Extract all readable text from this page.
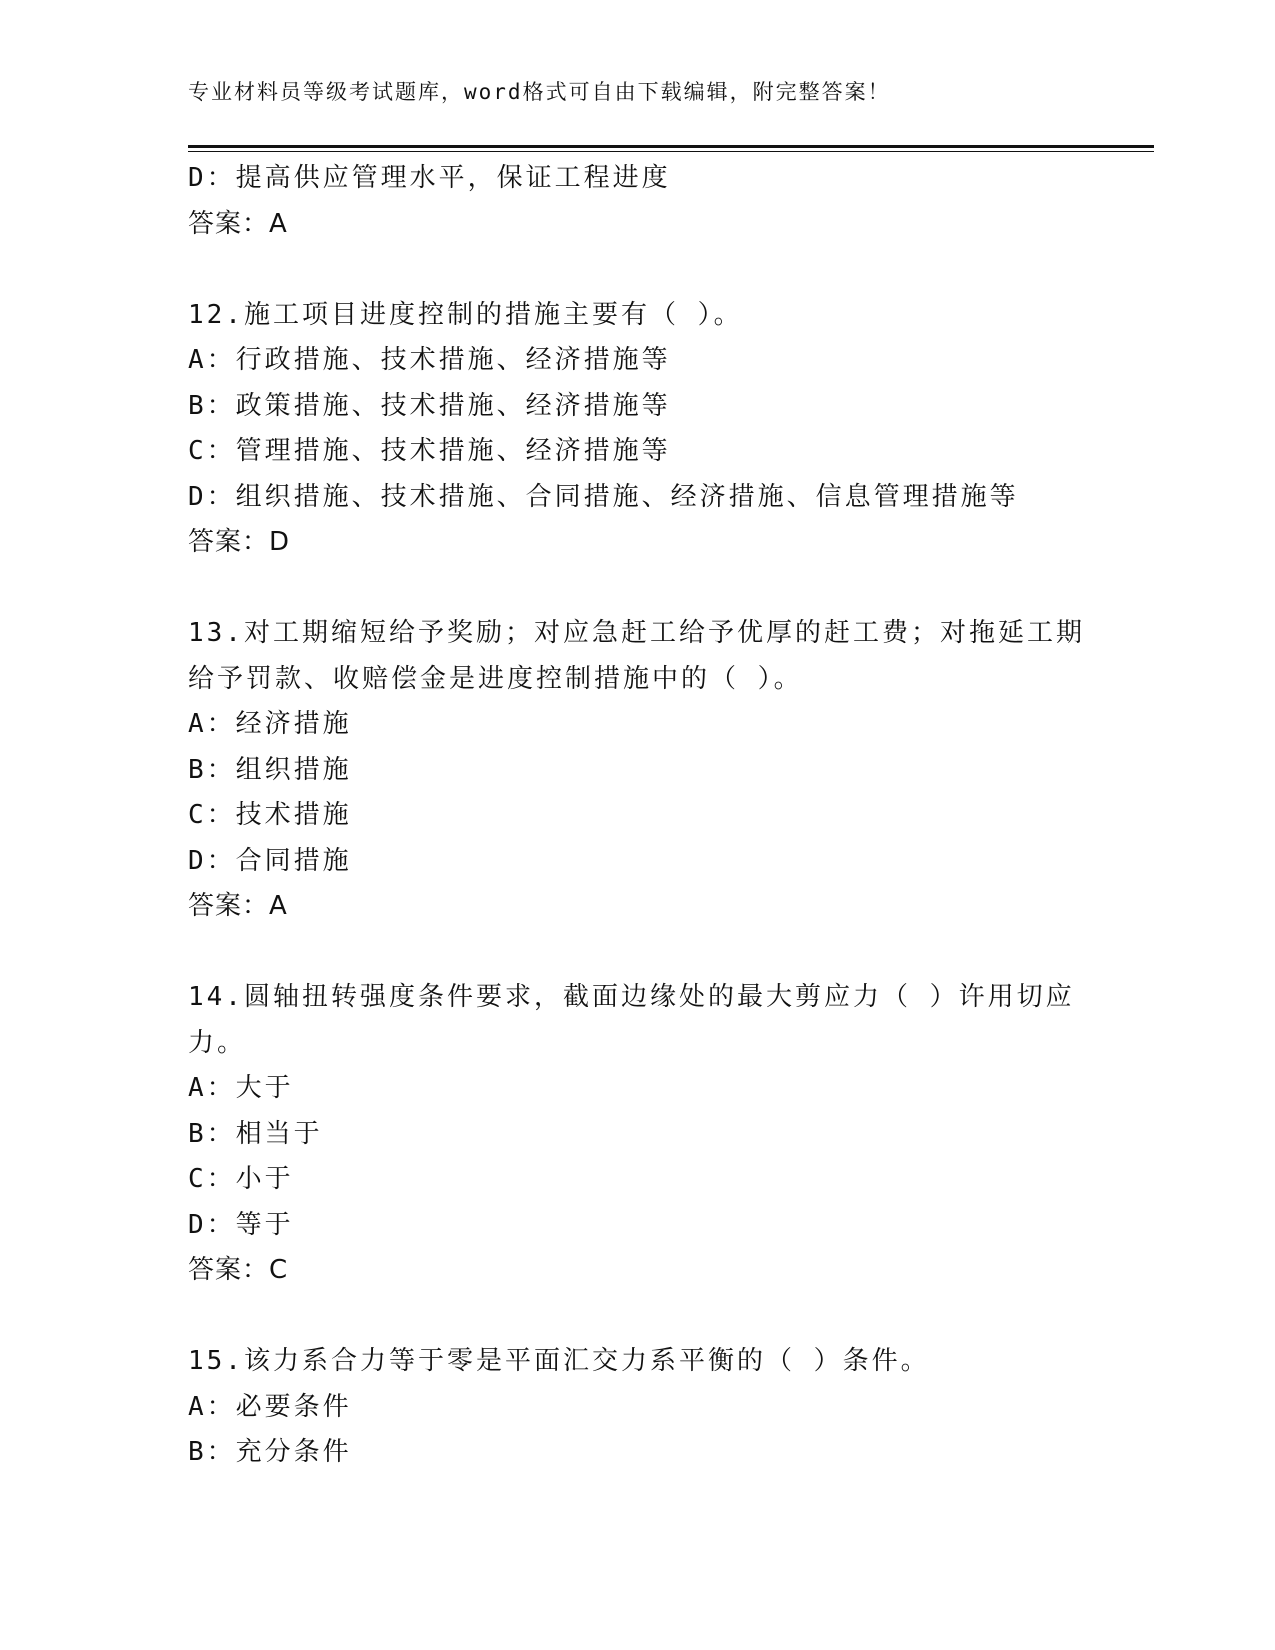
专业材料员等级考试题库，word格式可自由下载编辑，附完整答案！
D：提高供应管理水平，保证工程进度
答案：A
12.施工项目进度控制的措施主要有（ ）。
A：行政措施、技术措施、经济措施等
B：政策措施、技术措施、经济措施等
C：管理措施、技术措施、经济措施等
D：组织措施、技术措施、合同措施、经济措施、信息管理措施等
答案：D
13.对工期缩短给予奖励；对应急赶工给予优厚的赶工费；对拖延工期
给予罚款、收赔偿金是进度控制措施中的（ ）。
A：经济措施
B：组织措施
C：技术措施
D：合同措施
答案：A
14.圆轴扭转强度条件要求，截面边缘处的最大剪应力（ ）许用切应
力。
A：大于
B：相当于
C：小于
D：等于
答案：C
15.该力系合力等于零是平面汇交力系平衡的（ ）条件。
A：必要条件
B：充分条件
